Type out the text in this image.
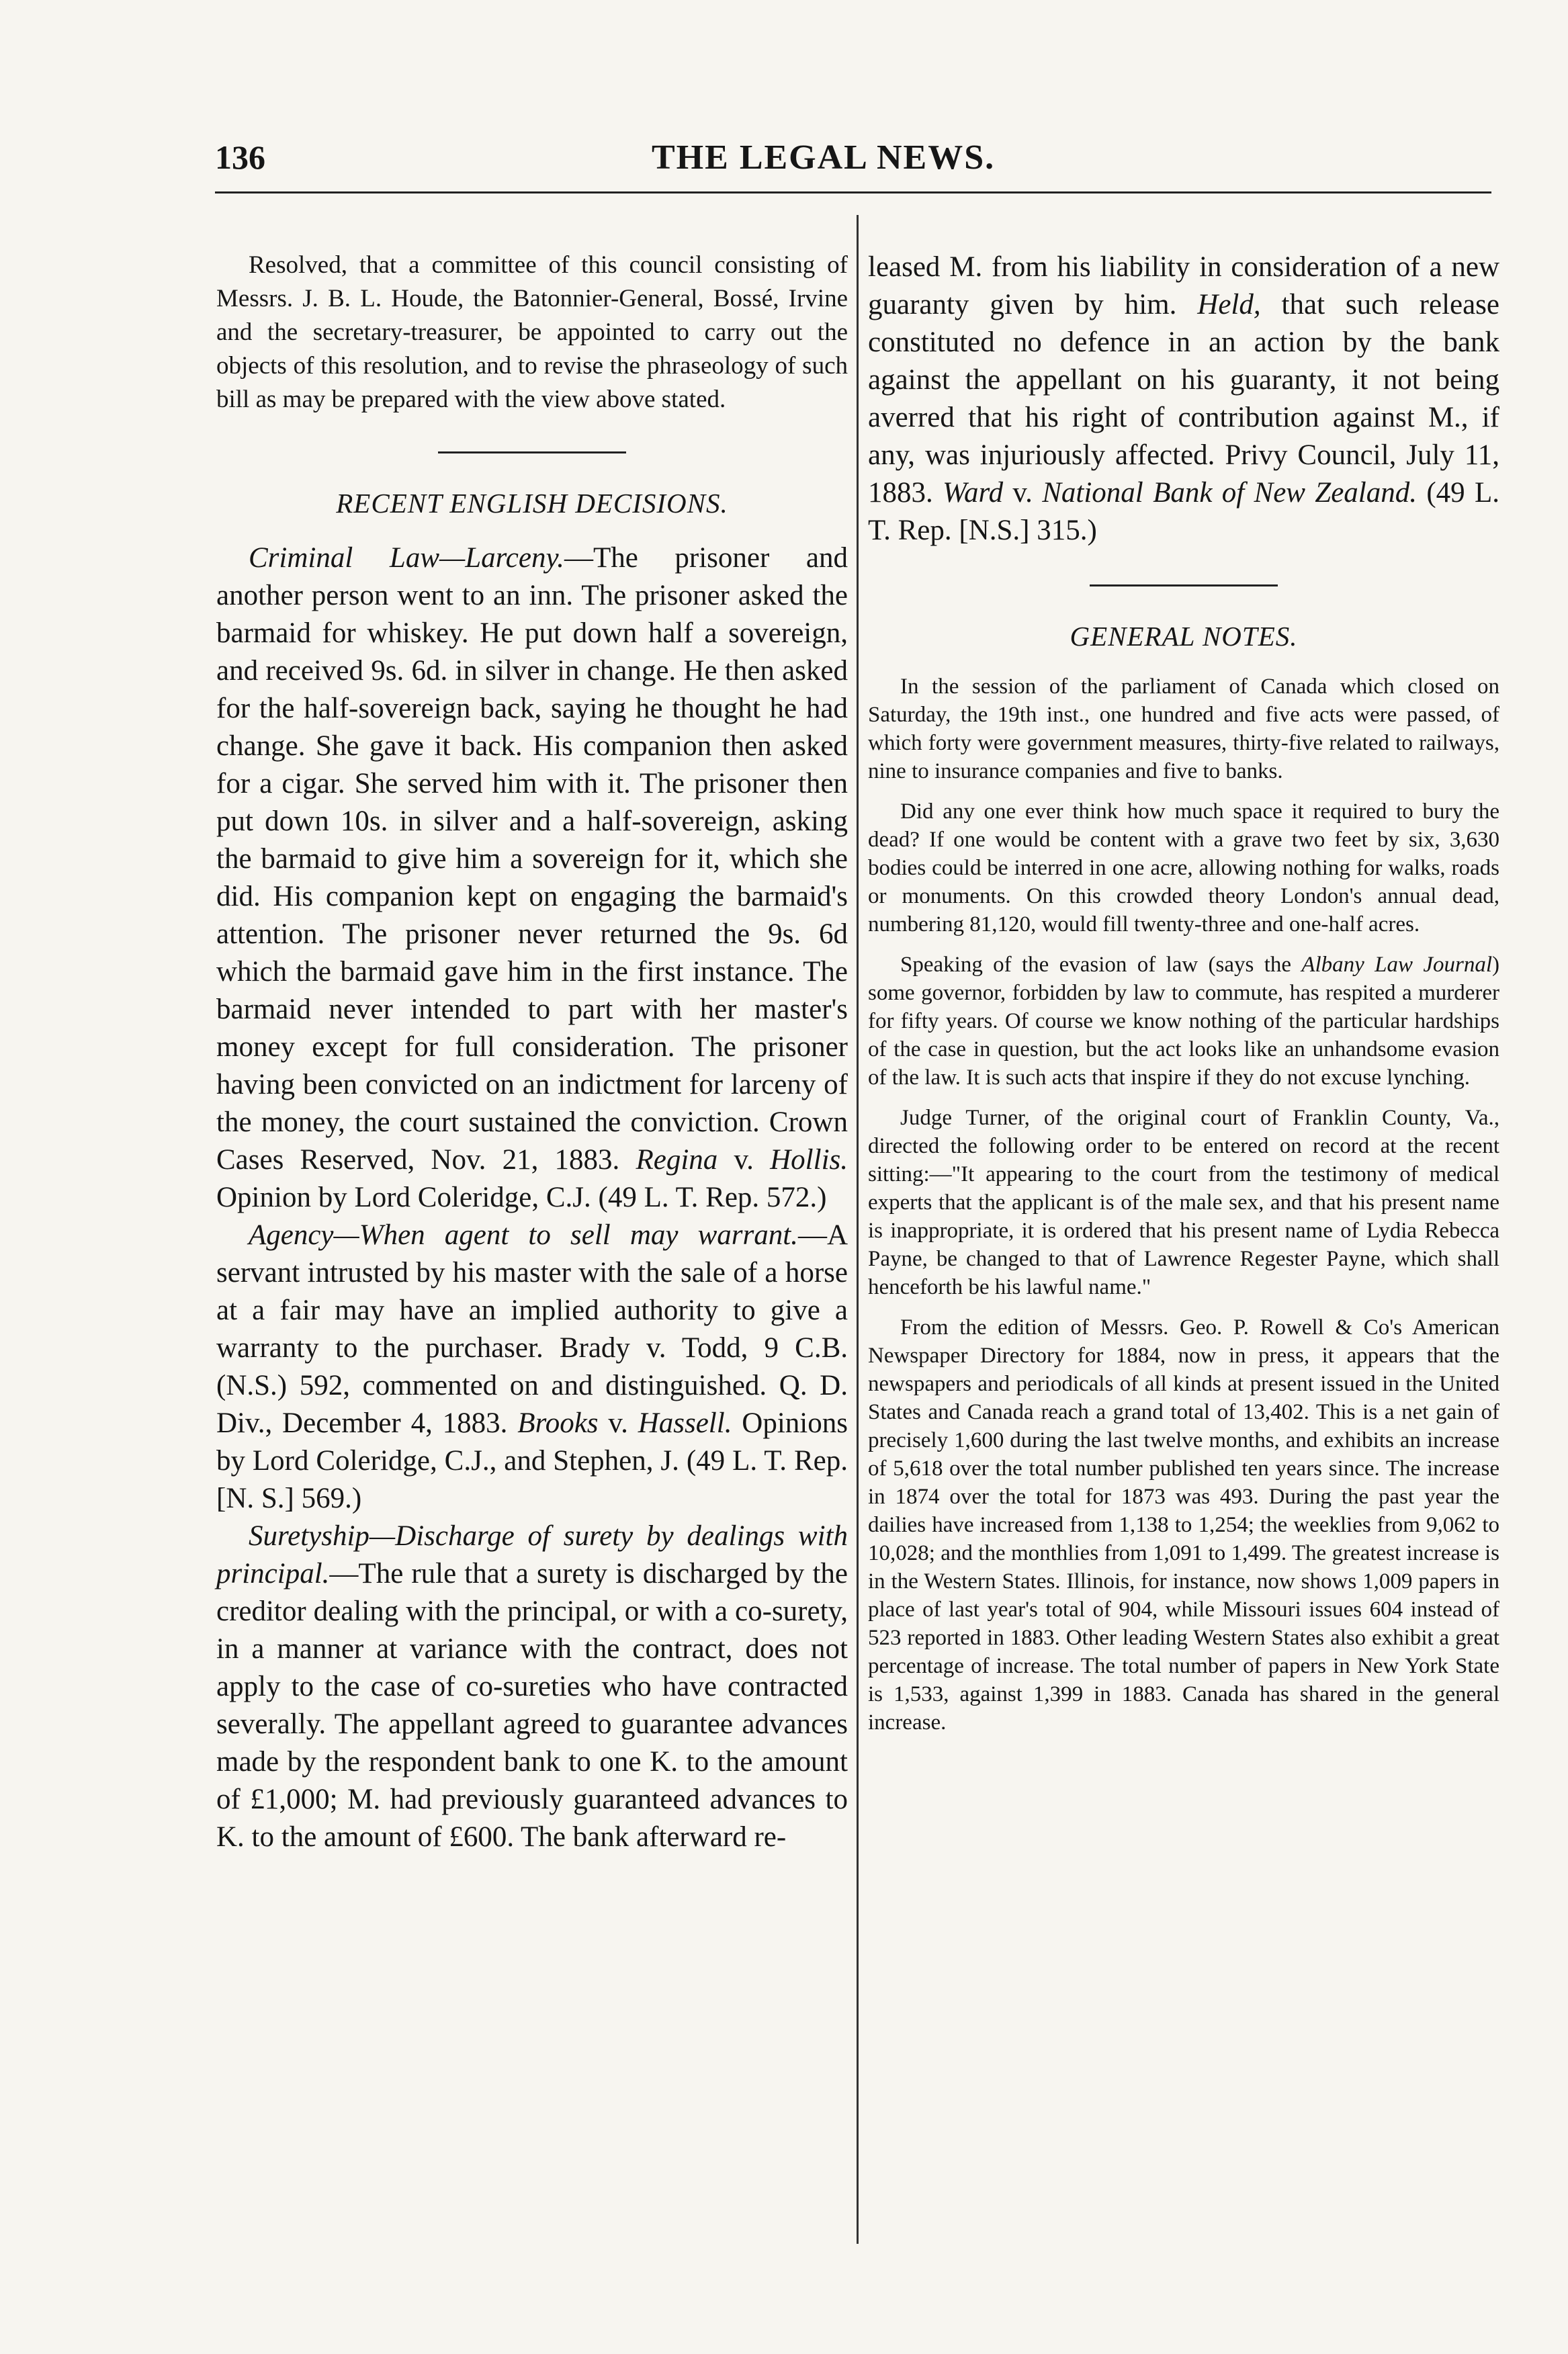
136	THE LEGAL NEWS.

Resolved, that a committee of this council consisting of Messrs. J. B. L. Houde, the Batonnier-General, Bossé, Irvine and the secretary-treasurer, be appointed to carry out the objects of this resolution, and to revise the phraseology of such bill as may be prepared with the view above stated.

RECENT ENGLISH DECISIONS.

Criminal Law—Larceny.—The prisoner and another person went to an inn. The prisoner asked the barmaid for whiskey. He put down half a sovereign, and received 9s. 6d. in silver in change. He then asked for the half-sovereign back, saying he thought he had change. She gave it back. His companion then asked for a cigar. She served him with it. The prisoner then put down 10s. in silver and a half-sovereign, asking the barmaid to give him a sovereign for it, which she did. His companion kept on engaging the barmaid's attention. The prisoner never returned the 9s. 6d which the barmaid gave him in the first instance. The barmaid never intended to part with her master's money except for full consideration. The prisoner having been convicted on an indictment for larceny of the money, the court sustained the conviction. Crown Cases Reserved, Nov. 21, 1883. Regina v. Hollis. Opinion by Lord Coleridge, C.J. (49 L. T. Rep. 572.)

Agency—When agent to sell may warrant.—A servant intrusted by his master with the sale of a horse at a fair may have an implied authority to give a warranty to the purchaser. Brady v. Todd, 9 C.B. (N.S.) 592, commented on and distinguished. Q. D. Div., December 4, 1883. Brooks v. Hassell. Opinions by Lord Coleridge, C.J., and Stephen, J. (49 L. T. Rep. [N. S.] 569.)

Suretyship—Discharge of surety by dealings with principal.—The rule that a surety is discharged by the creditor dealing with the principal, or with a co-surety, in a manner at variance with the contract, does not apply to the case of co-sureties who have contracted severally. The appellant agreed to guarantee advances made by the respondent bank to one K. to the amount of £1,000; M. had previously guaranteed advances to K. to the amount of £600. The bank afterward re-

leased M. from his liability in consideration of a new guaranty given by him. Held, that such release constituted no defence in an action by the bank against the appellant on his guaranty, it not being averred that his right of contribution against M., if any, was injuriously affected. Privy Council, July 11, 1883. Ward v. National Bank of New Zealand. (49 L. T. Rep. [N.S.] 315.)

GENERAL NOTES.

In the session of the parliament of Canada which closed on Saturday, the 19th inst., one hundred and five acts were passed, of which forty were government measures, thirty-five related to railways, nine to insurance companies and five to banks.

Did any one ever think how much space it required to bury the dead? If one would be content with a grave two feet by six, 3,630 bodies could be interred in one acre, allowing nothing for walks, roads or monuments. On this crowded theory London's annual dead, numbering 81,120, would fill twenty-three and one-half acres.

Speaking of the evasion of law (says the Albany Law Journal) some governor, forbidden by law to commute, has respited a murderer for fifty years. Of course we know nothing of the particular hardships of the case in question, but the act looks like an unhandsome evasion of the law. It is such acts that inspire if they do not excuse lynching.

Judge Turner, of the original court of Franklin County, Va., directed the following order to be entered on record at the recent sitting:—"It appearing to the court from the testimony of medical experts that the applicant is of the male sex, and that his present name is inappropriate, it is ordered that his present name of Lydia Rebecca Payne, be changed to that of Lawrence Regester Payne, which shall henceforth be his lawful name."

From the edition of Messrs. Geo. P. Rowell & Co's American Newspaper Directory for 1884, now in press, it appears that the newspapers and periodicals of all kinds at present issued in the United States and Canada reach a grand total of 13,402. This is a net gain of precisely 1,600 during the last twelve months, and exhibits an increase of 5,618 over the total number published ten years since. The increase in 1874 over the total for 1873 was 493. During the past year the dailies have increased from 1,138 to 1,254; the weeklies from 9,062 to 10,028; and the monthlies from 1,091 to 1,499. The greatest increase is in the Western States. Illinois, for instance, now shows 1,009 papers in place of last year's total of 904, while Missouri issues 604 instead of 523 reported in 1883. Other leading Western States also exhibit a great percentage of increase. The total number of papers in New York State is 1,533, against 1,399 in 1883. Canada has shared in the general increase.
